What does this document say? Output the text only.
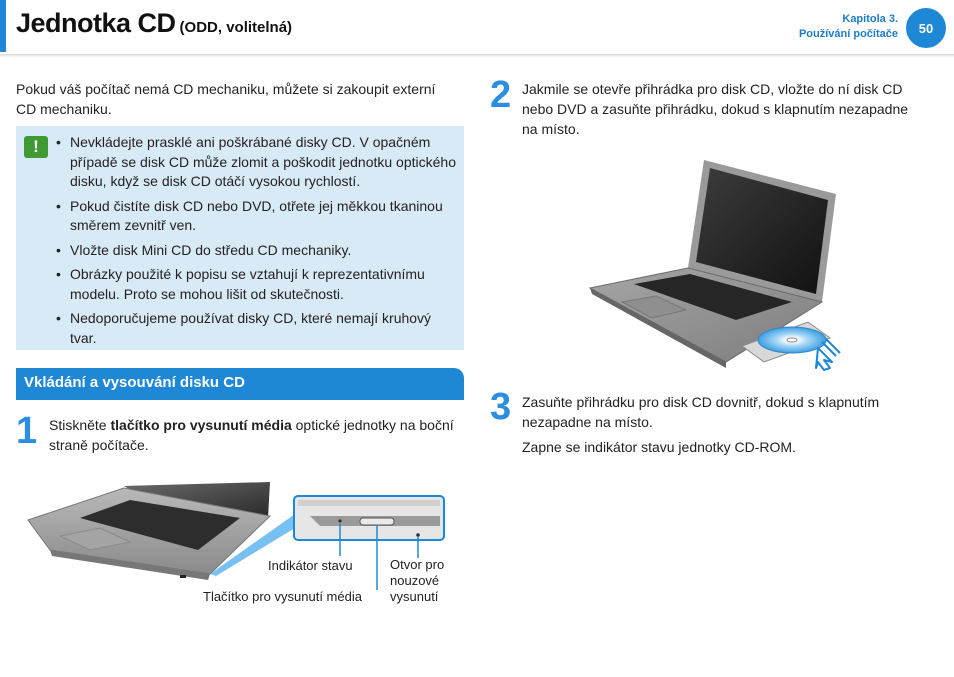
Jednotka CD (ODD, volitelná)	Kapitola 3.
Používání počítače	50
Pokud váš počítač nemá CD mechaniku, můžete si zakoupit externí CD mechaniku.
!
•	Nevkládejte prasklé ani poškrábané disky CD. V opačném případě se disk CD může zlomit a poškodit jednotku optického disku, když se disk CD otáčí vysokou rychlostí.
• Pokud čistíte disk CD nebo DVD, otřete jej měkkou tkaninou směrem zevnitř ven.
• Vložte disk Mini CD do středu CD mechaniky.
• Obrázky použité k popisu se vztahují k reprezentativnímu modelu. Proto se mohou lišit od skutečnosti.
• Nedoporučujeme používat disky CD, které nemají kruhový tvar.
Vkládání a vysouvání disku CD
1 Stiskněte tlačítko pro vysunutí média optické jednotky na boční straně počítače.
Indikátor stavu
Tlačítko pro vysunutí média
Otvor pro
nouzové
vysunutí
2 Jakmile se otevře přihrádka pro disk CD, vložte do ní disk CD nebo DVD a zasuňte přihrádku, dokud s klapnutím nezapadne na místo.
3 Zasuňte přihrádku pro disk CD dovnitř, dokud s klapnutím nezapadne na místo.
Zapne se indikátor stavu jednotky CD-ROM.
